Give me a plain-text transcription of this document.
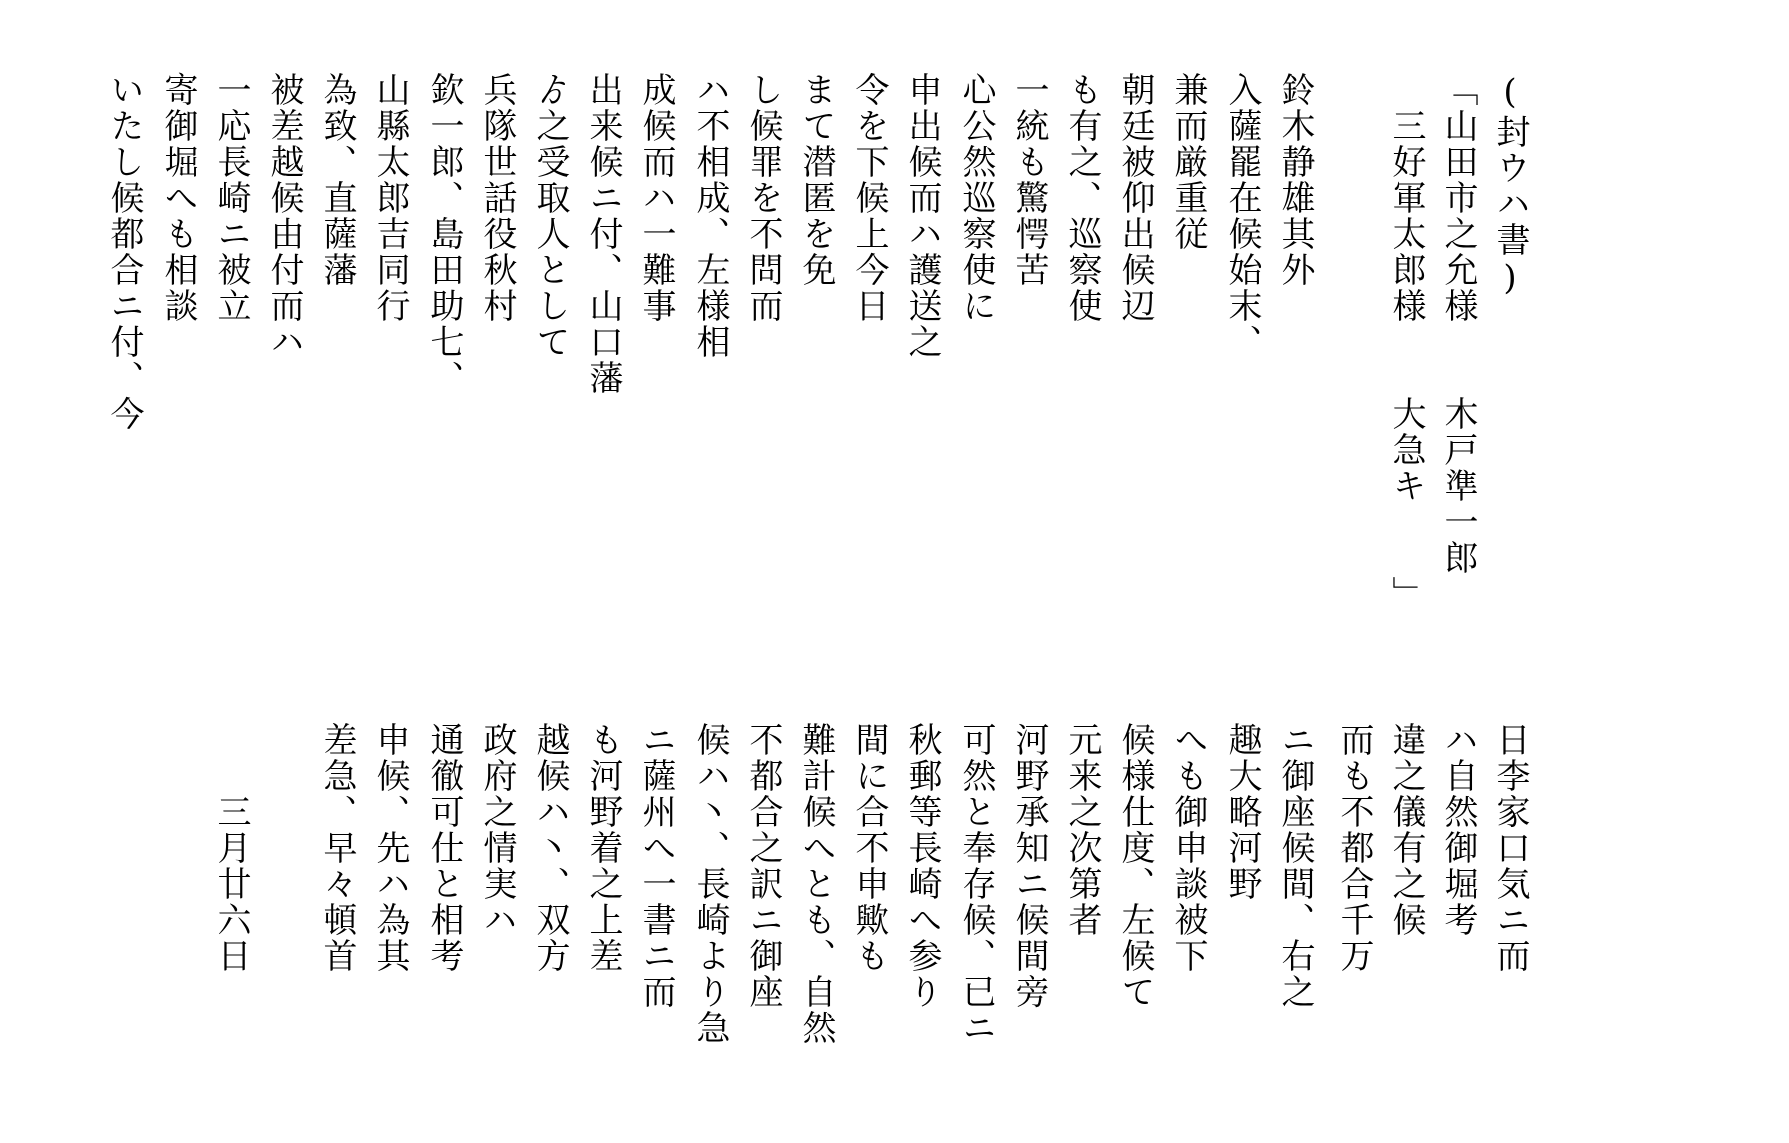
(封ウハ書)
「山田市之允様　　木戸準一郎
　三好軍太郎様　　大急キ　　」
鈴木静雄其外
入薩罷在候始末、
兼而厳重従
朝廷被仰出候辺
も有之、巡察使
一統も驚愕苦
心公然巡察使に
申出候而ハ護送之
令を下候上今日
まて潜匿を免
し候罪を不問而
ハ不相成、左様相
成候而ハ一難事
出来候ニ付、山口藩
ゟ之受取人として
兵隊世話役秋村
欽一郎、島田助七、
山縣太郎吉同行
為致、直薩藩
被差越候由付而ハ
一応長崎ニ被立
寄御堀へも相談
いたし候都合ニ付、今
日李家口気ニ而
ハ自然御堀考
違之儀有之候
而も不都合千万
ニ御座候間、右之
趣大略河野
へも御申談被下
候様仕度、左候て
元来之次第者
河野承知ニ候間旁
可然と奉存候、已ニ
秋郵等長崎へ参り
間に合不申歟も
難計候へとも、自然
不都合之訳ニ御座
候ハ丶、長崎より急
ニ薩州へ一書ニ而
も河野着之上差
越候ハ丶、双方
政府之情実ハ
通徹可仕と相考
申候、先ハ為其
差急、早々頓首
　　三月廿六日
